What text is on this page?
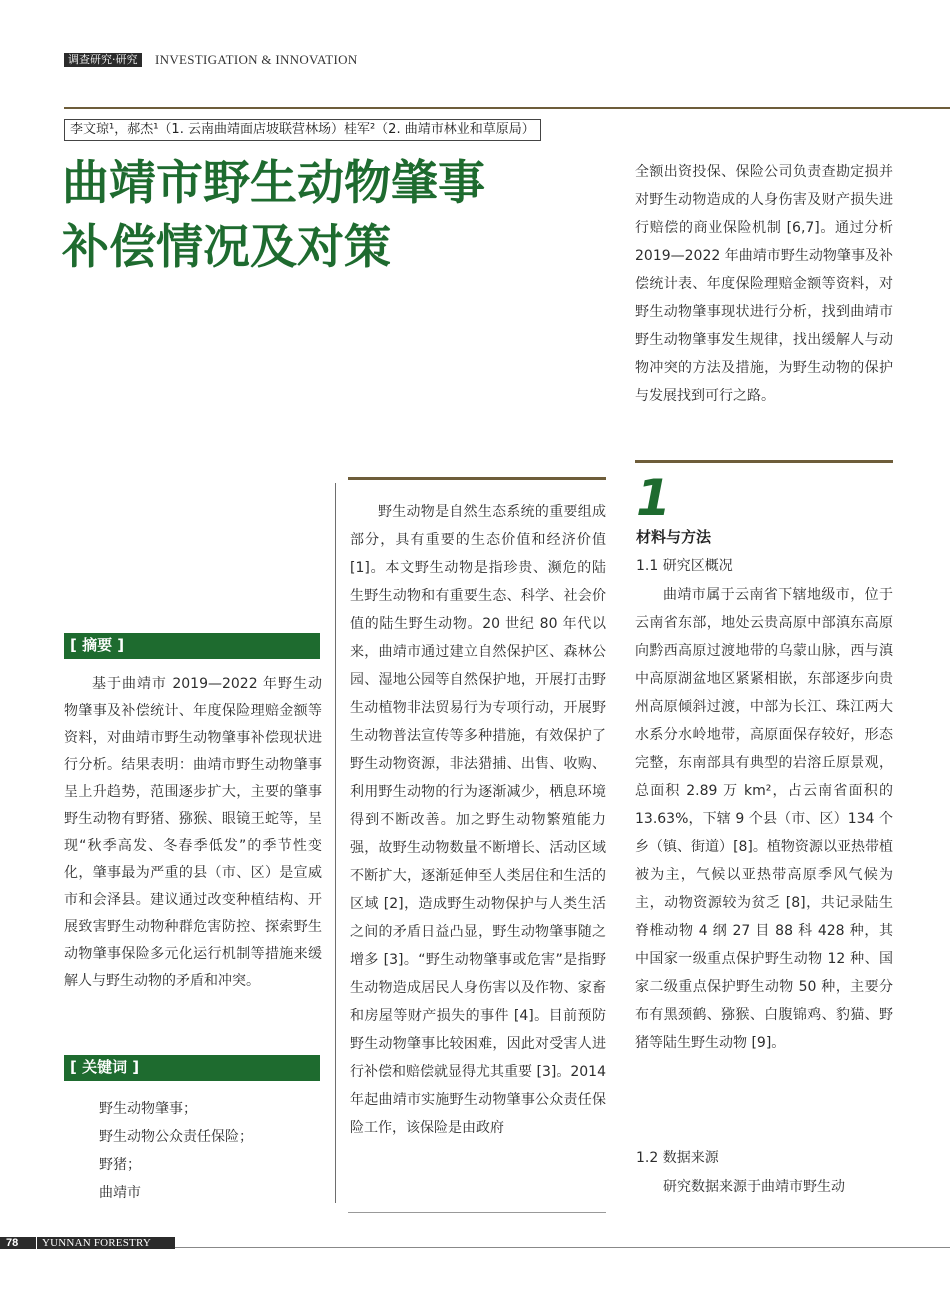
调查研究·研究	INVESTIGATION & INNOVATION
李文琼¹，郝杰¹（1. 云南曲靖面店坡联营林场）桂军²（2. 曲靖市林业和草原局）
曲靖市野生动物肇事
补偿情况及对策
[ 摘要 ]

基于曲靖市 2019—2022 年野生动物肇事及补偿统计、年度保险理赔金额等资料，对曲靖市野生动物肇事补偿现状进行分析。结果表明：曲靖市野生动物肇事呈上升趋势，范围逐步扩大，主要的肇事野生动物有野猪、猕猴、眼镜王蛇等，呈现“秋季高发、冬春季低发”的季节性变化，肇事最为严重的县（市、区）是宣威市和会泽县。建议通过改变种植结构、开展致害野生动物种群危害防控、探索野生动物肇事保险多元化运行机制等措施来缓解人与野生动物的矛盾和冲突。

[ 关键词 ]
野生动物肇事；
野生动物公众责任保险；
野猪；
曲靖市

野生动物是自然生态系统的重要组成部分，具有重要的生态价值和经济价值 [1]。本文野生动物是指珍贵、濒危的陆生野生动物和有重要生态、科学、社会价值的陆生野生动物。20 世纪 80 年代以来，曲靖市通过建立自然保护区、森林公园、湿地公园等自然保护地，开展打击野生动植物非法贸易行为专项行动，开展野生动物普法宣传等多种措施，有效保护了野生动物资源，非法猎捕、出售、收购、利用野生动物的行为逐渐减少，栖息环境得到不断改善。加之野生动物繁殖能力强，故野生动物数量不断增长、活动区域不断扩大，逐渐延伸至人类居住和生活的区域 [2]，造成野生动物保护与人类生活之间的矛盾日益凸显，野生动物肇事随之增多 [3]。“野生动物肇事或危害”是指野生动物造成居民人身伤害以及作物、家畜和房屋等财产损失的事件 [4]。目前预防野生动物肇事比较困难，因此对受害人进行补偿和赔偿就显得尤其重要 [3]。2014 年起曲靖市实施野生动物肇事公众责任保险工作，该保险是由政府

全额出资投保、保险公司负责查勘定损并对野生动物造成的人身伤害及财产损失进行赔偿的商业保险机制 [6,7]。通过分析 2019—2022 年曲靖市野生动物肇事及补偿统计表、年度保险理赔金额等资料，对野生动物肇事现状进行分析，找到曲靖市野生动物肇事发生规律，找出缓解人与动物冲突的方法及措施，为野生动物的保护与发展找到可行之路。

1
材料与方法
1.1 研究区概况

曲靖市属于云南省下辖地级市，位于云南省东部，地处云贵高原中部滇东高原向黔西高原过渡地带的乌蒙山脉，西与滇中高原湖盆地区紧紧相嵌，东部逐步向贵州高原倾斜过渡，中部为长江、珠江两大水系分水岭地带，高原面保存较好，形态完整，东南部具有典型的岩溶丘原景观，总面积 2.89 万 km²，占云南省面积的 13.63%，下辖 9 个县（市、区）134 个乡（镇、街道）[8]。植物资源以亚热带植被为主，气候以亚热带高原季风气候为主，动物资源较为贫乏 [8]，共记录陆生脊椎动物 4 纲 27 目 88 科 428 种，其中国家一级重点保护野生动物 12 种、国家二级重点保护野生动物 50 种，主要分布有黑颈鹤、猕猴、白腹锦鸡、豹猫、野猪等陆生野生动物 [9]。

1.2 数据来源

研究数据来源于曲靖市野生动

78 YUNNAN FORESTRY
